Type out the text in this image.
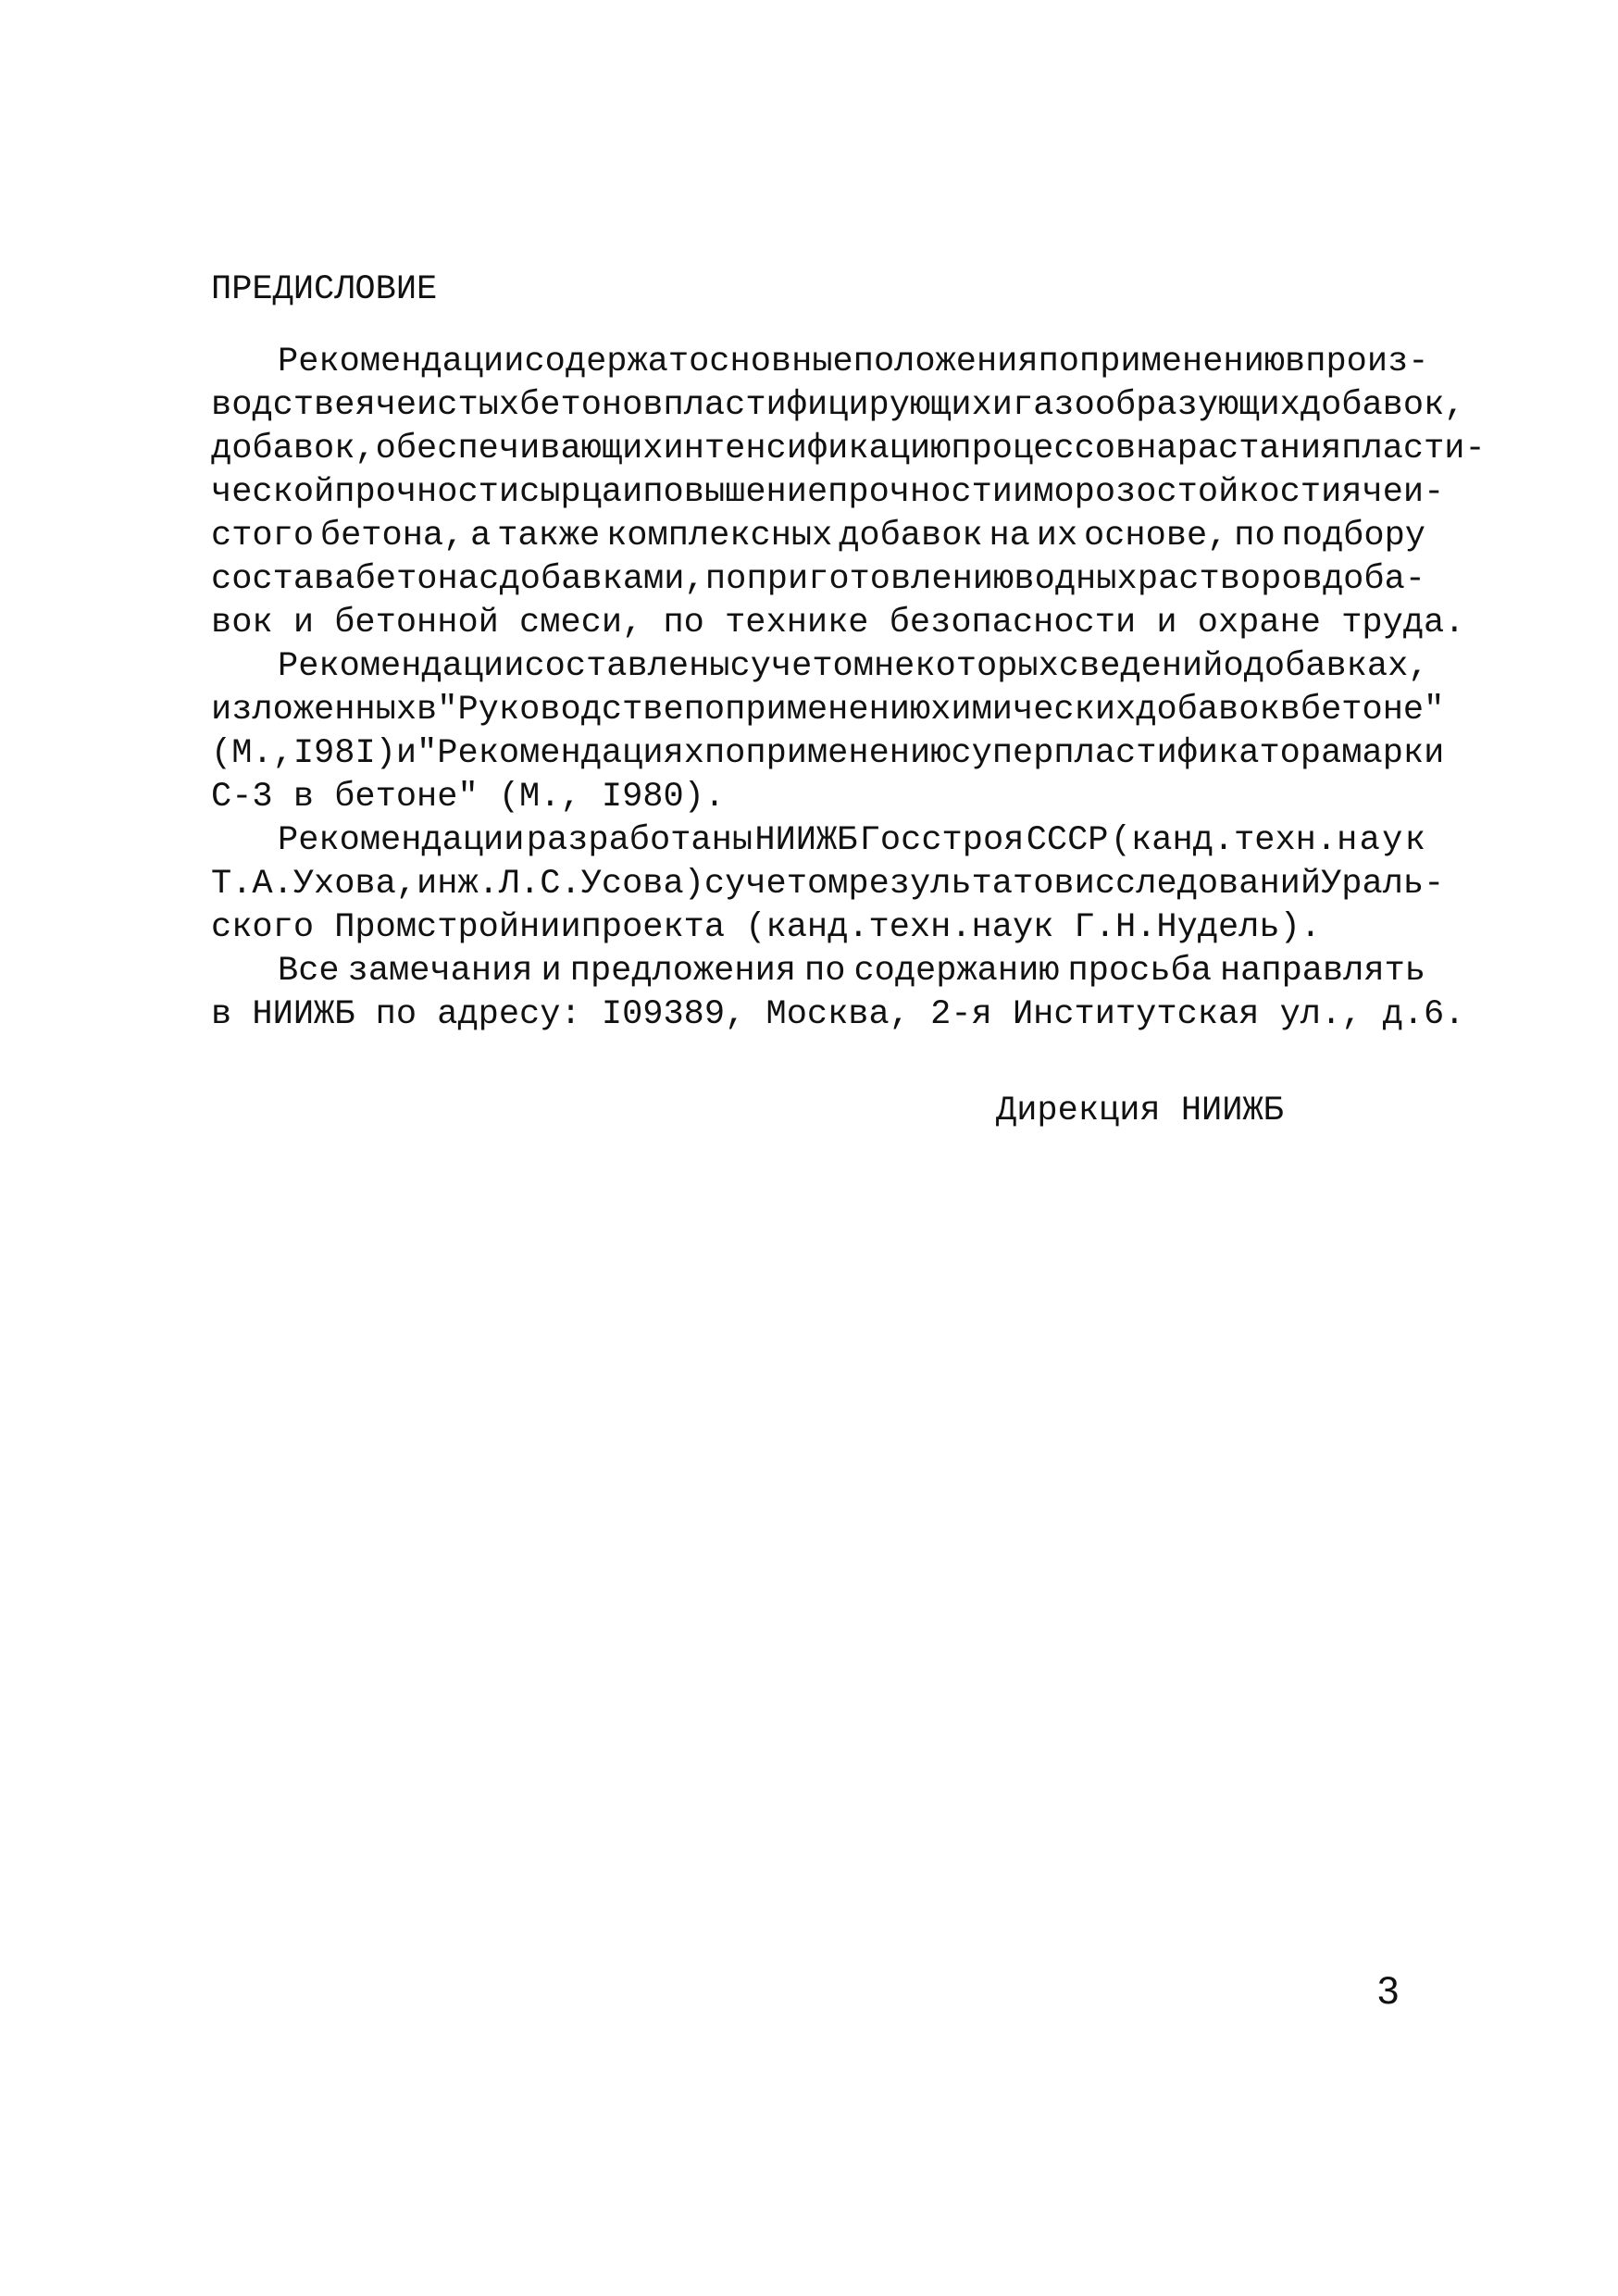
ПРЕДИСЛОВИЕ
Рекомендации содержат основные положения по применению в произ-
водстве ячеистых бетонов пластифицирующих и газообразующих добавок,
добавок, обеспечивающих интенсификацию процессов нарастания пласти -
ческой прочности сырца и повышение прочности и морозостойкости ячеи-
стого бетона, а также комплексных добавок на их основе, по подбору
состава бетона с добавками, по приготовлению водных растворов доба-
вок и бетонной смеси, по технике безопасности и охране труда.
Рекомендации составлены с учетом некоторых сведений о добавках,
изложенных в "Руководстве по применению химических добавок в бетоне"
(М., I98I) и "Рекомендациях по применению суперпластификатора марки
С-3 в бетоне" (М., I980).
Рекомендации разработаны НИИЖБ Госстроя СССР (канд.техн.н а у к
Т.А.Ухова, инж. Л.С.Усова) с учетом результатов исследований Ураль-
ского Промстройниипроекта (канд.техн.наук Г.Н.Нудель).
Все замечания и предложения по содержанию просьба направлять
в НИИЖБ по адресу: I09389, Москва, 2-я Институтская ул., д.6.
Дирекция НИИЖБ
3
